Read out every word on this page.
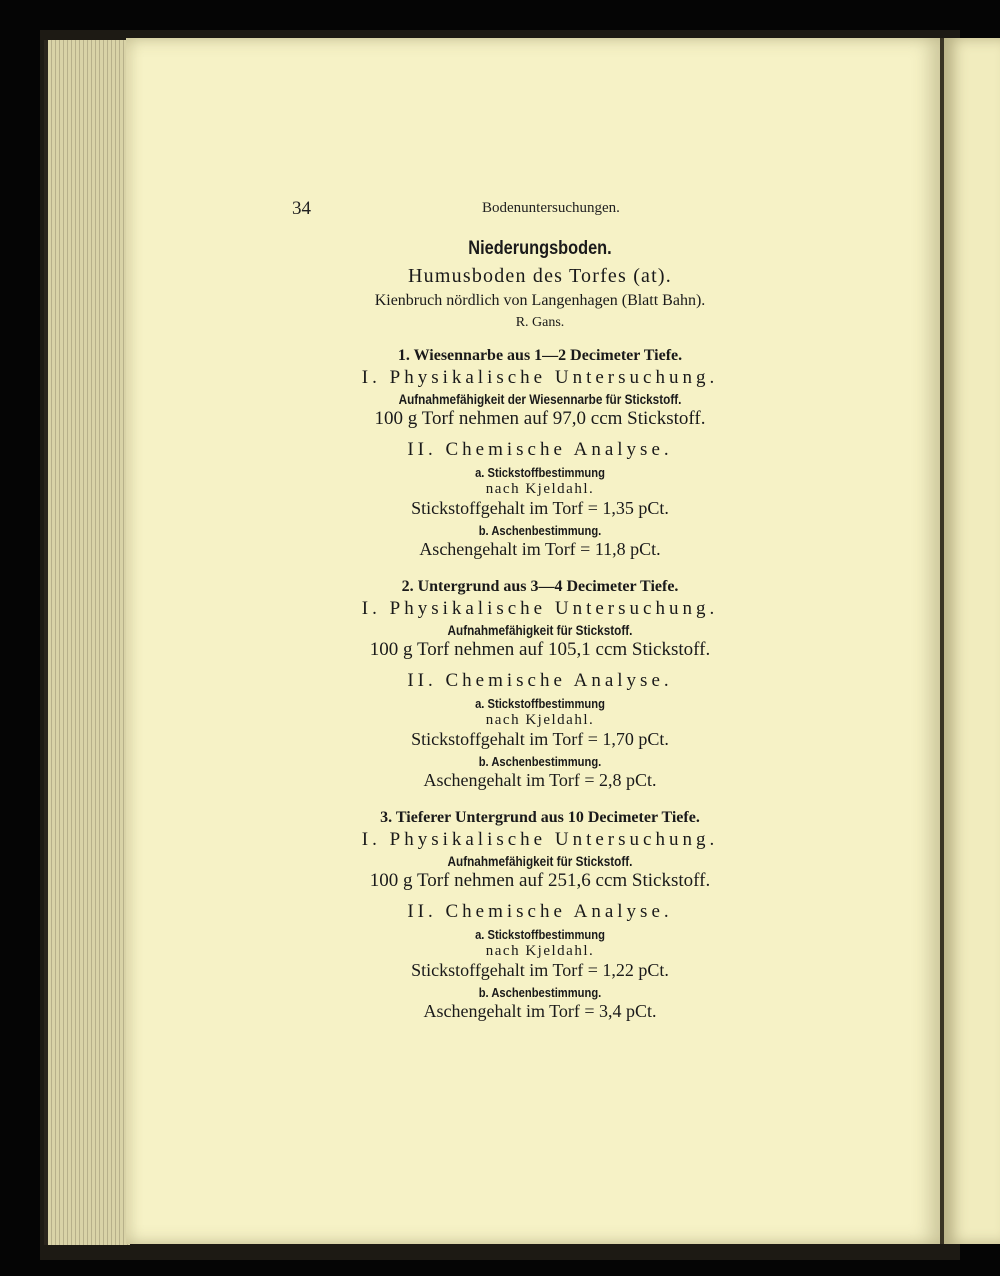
34	Bodenuntersuchungen.
Niederungsboden.
Humusboden des Torfes (at).
Kienbruch nördlich von Langenhagen (Blatt Bahn).
R. Gans.
1. Wiesennarbe aus 1—2 Decimeter Tiefe.
I. Physikalische Untersuchung.
Aufnahmefähigkeit der Wiesennarbe für Stickstoff.
100 g Torf nehmen auf 97,0 ccm Stickstoff.
II. Chemische Analyse.
a. Stickstoffbestimmung
nach Kjeldahl.
Stickstoffgehalt im Torf = 1,35 pCt.
b. Aschenbestimmung.
Aschengehalt im Torf = 11,8 pCt.
2. Untergrund aus 3—4 Decimeter Tiefe.
I. Physikalische Untersuchung.
Aufnahmefähigkeit für Stickstoff.
100 g Torf nehmen auf 105,1 ccm Stickstoff.
II. Chemische Analyse.
a. Stickstoffbestimmung
nach Kjeldahl.
Stickstoffgehalt im Torf = 1,70 pCt.
b. Aschenbestimmung.
Aschengehalt im Torf = 2,8 pCt.
3. Tieferer Untergrund aus 10 Decimeter Tiefe.
I. Physikalische Untersuchung.
Aufnahmefähigkeit für Stickstoff.
100 g Torf nehmen auf 251,6 ccm Stickstoff.
II. Chemische Analyse.
a. Stickstoffbestimmung
nach Kjeldahl.
Stickstoffgehalt im Torf = 1,22 pCt.
b. Aschenbestimmung.
Aschengehalt im Torf = 3,4 pCt.
